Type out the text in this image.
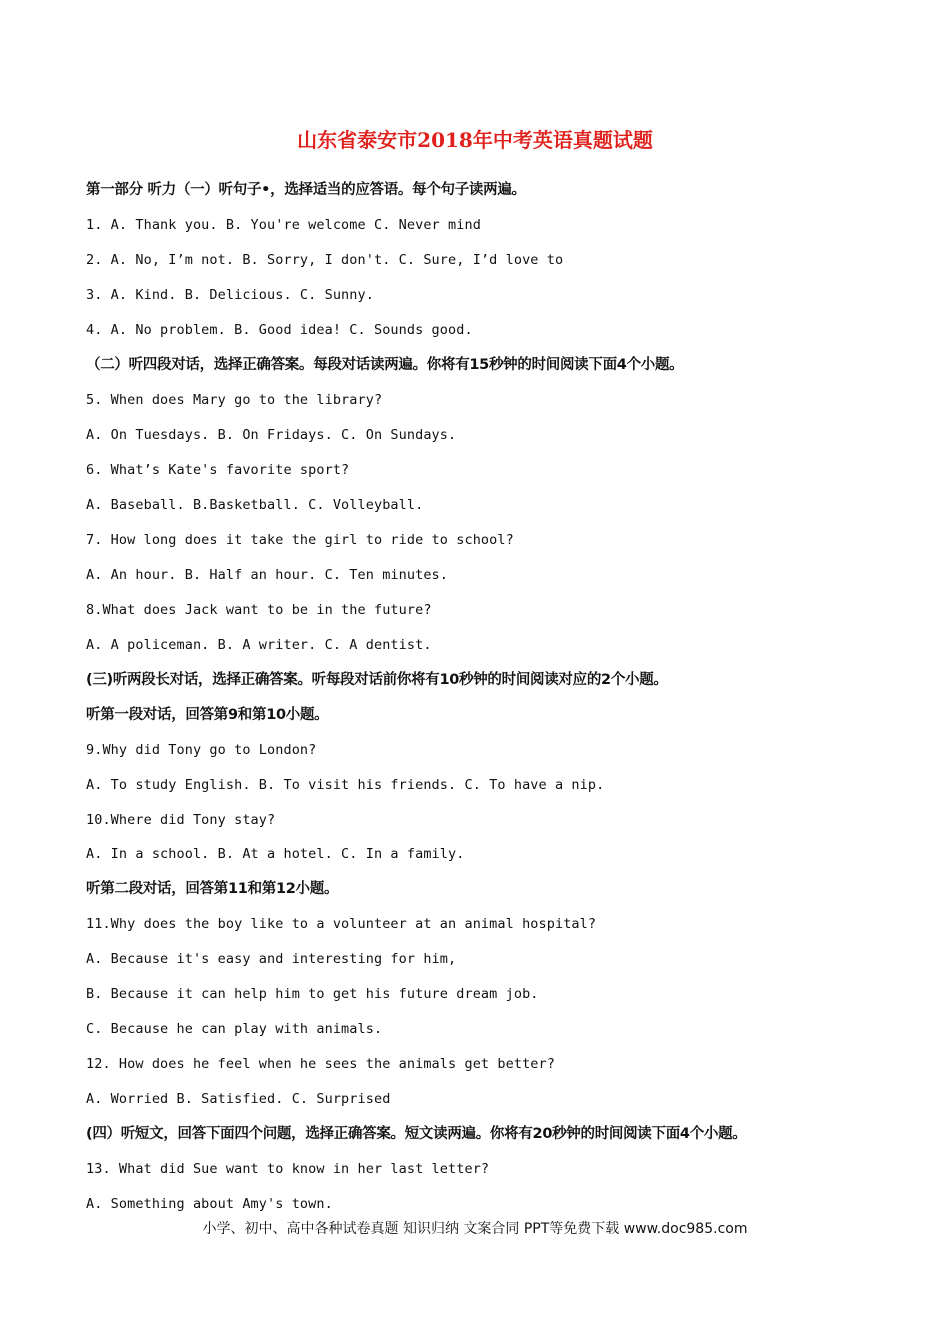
山东省泰安市2018年中考英语真题试题
第一部分 听力（一）听句子•，选择适当的应答语。每个句子读两遍。
1. A. Thank you. B. You're welcome C. Never mind
2. A. No, I’m not. B. Sorry, I don't. C. Sure, I’d love to
3. A. Kind. B. Delicious. C. Sunny.
4. A. No problem. B. Good idea! C. Sounds good.
（二）听四段对话，选择正确答案。每段对话读两遍。你将有15秒钟的时间阅读下面4个小题。
5. When does Mary go to the library?
A. On Tuesdays. B. On Fridays. C. On Sundays.
6. What’s Kate's favorite sport?
A. Baseball. B.Basketball. C. Volleyball.
7. How long does it take the girl to ride to school?
A. An hour. B. Half an hour. C. Ten minutes.
8.What does Jack want to be in the future?
A. A policeman. B. A writer. C. A dentist.
(三)听两段长对话，选择正确答案。听每段对话前你将有10秒钟的时间阅读对应的2个小题。
听第一段对话，回答第9和第10小题。
9.Why did Tony go to London?
A. To study English. B. To visit his friends. C. To have a nip.
10.Where did Tony stay?
A. In a school. B. At a hotel. C. In a family.
听第二段对话，回答第11和第12小题。
11.Why does the boy like to a volunteer at an animal hospital?
A. Because it's easy and interesting for him,
B. Because it can help him to get his future dream job.
C. Because he can play with animals.
12. How does he feel when he sees the animals get better?
A. Worried B. Satisfied. C. Surprised
(四）听短文，回答下面四个问题，选择正确答案。短文读两遍。你将有20秒钟的时间阅读下面4个小题。
13. What did Sue want to know in her last letter?
A. Something about Amy's town.
小学、初中、高中各种试卷真题 知识归纳 文案合同 PPT等免费下载 www.doc985.com
